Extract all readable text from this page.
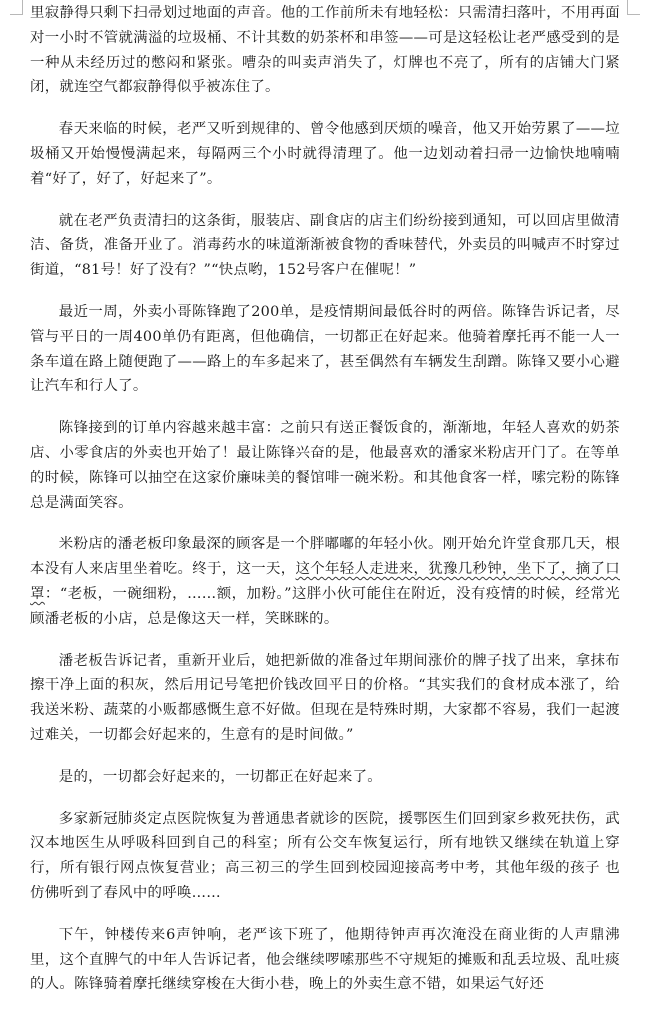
里寂静得只剩下扫帚划过地面的声音。他的工作前所未有地轻松：只需清扫落叶，不用再面对一小时不管就满溢的垃圾桶、不计其数的奶茶杯和串签——可是这轻松让老严感受到的是一种从未经历过的憋闷和紧张。嘈杂的叫卖声消失了，灯牌也不亮了，所有的店铺大门紧闭，就连空气都寂静得似乎被冻住了。

春天来临的时候，老严又听到规律的、曾令他感到厌烦的噪音，他又开始劳累了——垃圾桶又开始慢慢满起来，每隔两三个小时就得清理了。他一边划动着扫帚一边愉快地喃喃着“好了，好了，好起来了”。

就在老严负责清扫的这条街，服装店、副食店的店主们纷纷接到通知，可以回店里做清洁、备货，准备开业了。消毒药水的味道渐渐被食物的香味替代，外卖员的叫喊声不时穿过街道，“81号！好了没有？”“快点哟，152号客户在催呢！”

最近一周，外卖小哥陈锋跑了200单，是疫情期间最低谷时的两倍。陈锋告诉记者，尽管与平日的一周400单仍有距离，但他确信，一切都正在好起来。他骑着摩托再不能一人一条车道在路上随便跑了——路上的车多起来了，甚至偶然有车辆发生刮蹭。陈锋又要小心避让汽车和行人了。

陈锋接到的订单内容越来越丰富：之前只有送正餐饭食的，渐渐地，年轻人喜欢的奶茶店、小零食店的外卖也开始了！最让陈锋兴奋的是，他最喜欢的潘家米粉店开门了。在等单的时候，陈锋可以抽空在这家价廉味美的餐馆啡一碗米粉。和其他食客一样，嗦完粉的陈锋总是满面笑容。

米粉店的潘老板印象最深的顾客是一个胖嘟嘟的年轻小伙。刚开始允许堂食那几天，根本没有人来店里坐着吃。终于，这一天，这个年轻人走进来，犹豫几秒钟，坐下了，摘了口罩：“老板，一碗细粉，……额，加粉。”这胖小伙可能住在附近，没有疫情的时候，经常光顾潘老板的小店，总是像这天一样，笑眯眯的。

潘老板告诉记者，重新开业后，她把新做的准备过年期间涨价的牌子找了出来，拿抹布擦干净上面的积灰，然后用记号笔把价钱改回平日的价格。“其实我们的食材成本涨了，给我送米粉、蔬菜的小贩都感慨生意不好做。但现在是特殊时期，大家都不容易，我们一起渡过难关，一切都会好起来的，生意有的是时间做。”

是的，一切都会好起来的，一切都正在好起来了。

多家新冠肺炎定点医院恢复为普通患者就诊的医院，援鄂医生们回到家乡救死扶伤，武汉本地医生从呼吸科回到自己的科室；所有公交车恢复运行，所有地铁又继续在轨道上穿行，所有银行网点恢复营业；高三初三的学生回到校园迎接高考中考，其他年级的孩子 也仿佛听到了春风中的呼唤……

下午，钟楼传来6声钟响，老严该下班了，他期待钟声再次淹没在商业街的人声鼎沸里，这个直脾气的中年人告诉记者，他会继续啰嗦那些不守规矩的摊贩和乱丢垃圾、乱吐痰的人。陈锋骑着摩托继续穿梭在大街小巷，晚上的外卖生意不错，如果运气好还
